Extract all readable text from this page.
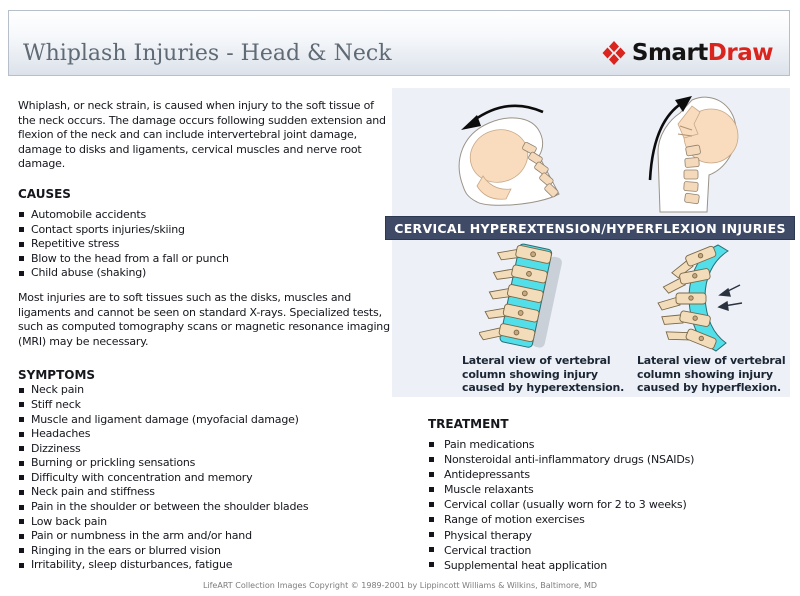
Whiplash Injuries - Head & Neck	SmartDraw

Whiplash, or neck strain, is caused when injury to the soft tissue of the neck occurs. The damage occurs following sudden extension and flexion of the neck and can include intervertebral joint damage, damage to disks and ligaments, cervical muscles and nerve root damage.

CAUSES
Automobile accidents
Contact sports injuries/skiing
Repetitive stress
Blow to the head from a fall or punch
Child abuse (shaking)

Most injuries are to soft tissues such as the disks, muscles and ligaments and cannot be seen on standard X-rays. Specialized tests, such as computed tomography scans or magnetic resonance imaging (MRI) may be necessary.

SYMPTOMS
Neck pain
Stiff neck
Muscle and ligament damage (myofacial damage)
Headaches
Dizziness
Burning or prickling sensations
Difficulty with concentration and memory
Neck pain and stiffness
Pain in the shoulder or between the shoulder blades
Low back pain
Pain or numbness in the arm and/or hand
Ringing in the ears or blurred vision
Irritability, sleep disturbances, fatigue
CERVICAL HYPEREXTENSION/HYPERFLEXION INJURIES
Lateral view of vertebral column showing injury caused by hyperextension.
Lateral view of vertebral column showing injury caused by hyperflexion.
TREATMENT
Pain medications
Nonsteroidal anti-inflammatory drugs (NSAIDs)
Antidepressants
Muscle relaxants
Cervical collar (usually worn for 2 to 3 weeks)
Range of motion exercises
Physical therapy
Cervical traction
Supplemental heat application
LifeART Collection Images Copyright © 1989-2001 by Lippincott Williams & Wilkins, Baltimore, MD
